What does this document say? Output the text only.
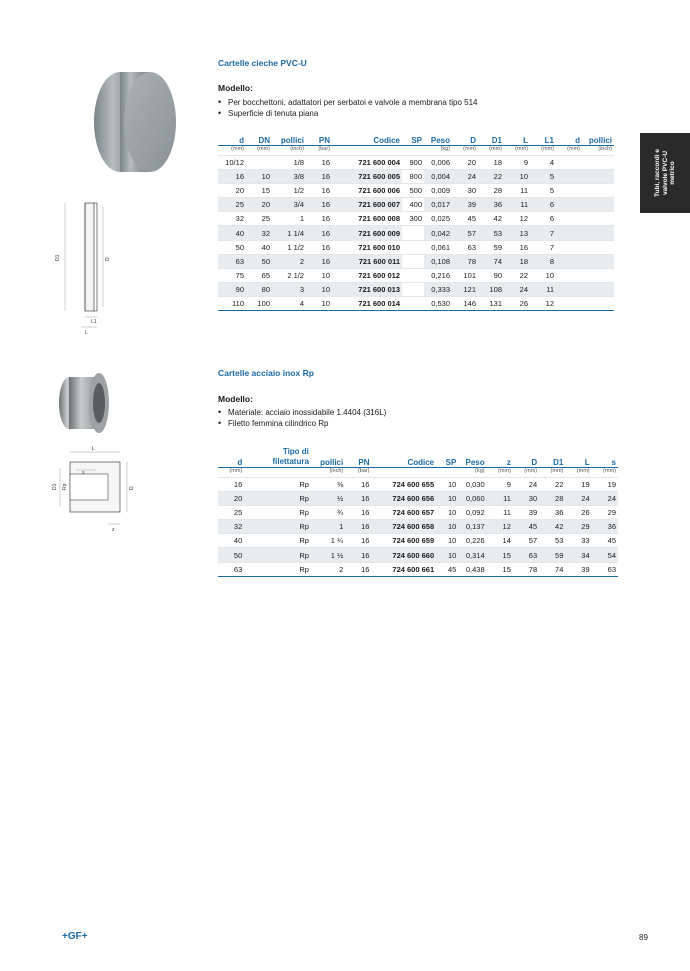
Tubi, raccordi e
valvole PVC-U
metrico
D1	D
L1
L
Cartelle cieche PVC-U
Modello:
• Per bocchettoni, adattatori per serbatoi e valvole a membrana tipo 514
• Superficie di tenuta piana
d	DN	pollici	PN	Codice	SP	Peso	D	D1	L	L1	d	pollici
(mm)	(mm)	(inch)	(bar)			(kg)	(mm)	(mm)	(mm)	(mm)	(mm)	(inch)
10/12		1/8	16	721 600 004	900	0,006	20	18	9	4		
16	10	3/8	16	721 600 005	800	0,004	24	22	10	5		
20	15	1/2	16	721 600 006	500	0,009	30	28	11	5		
25	20	3/4	16	721 600 007	400	0,017	39	36	11	6		
32	25	1	16	721 600 008	300	0,025	45	42	12	6		
40	32	1 1/4	16	721 600 009		0,042	57	53	13	7		
50	40	1 1/2	16	721 600 010		0,061	63	59	16	7		
63	50	2	16	721 600 011		0,108	78	74	18	8		
75	65	2 1/2	10	721 600 012		0,216	101	90	22	10		
90	80	3	10	721 600 013		0,333	121	108	24	11		
110	100	4	10	721 600 014		0,530	146	131	26	12		
L
s
D1 Rp	D
z
Cartelle acciaio inox Rp
Modello:
• Materiale: acciaio inossidabile 1.4404 (316L)
• Filetto femmina cilindrico Rp
d	Tipo di filettatura	pollici	PN	Codice	SP	Peso	z	D	D1	L	s
(mm)		(inch)	(bar)			(kg)	(mm)	(mm)	(mm)	(mm)	(mm)
16	Rp	⅜	16	724 600 655	10	0,030	9	24	22	19	19
20	Rp	½	16	724 600 656	10	0,060	11	30	28	24	24
25	Rp	¾	16	724 600 657	10	0,092	11	39	36	26	29
32	Rp	1	16	724 600 658	10	0,137	12	45	42	29	36
40	Rp	1 ¼	16	724 600 659	10	0,226	14	57	53	33	45
50	Rp	1 ½	16	724 600 660	10	0,314	15	63	59	34	54
63	Rp	2	16	724 600 661	45	0,438	15	78	74	39	63
+GF+	89
